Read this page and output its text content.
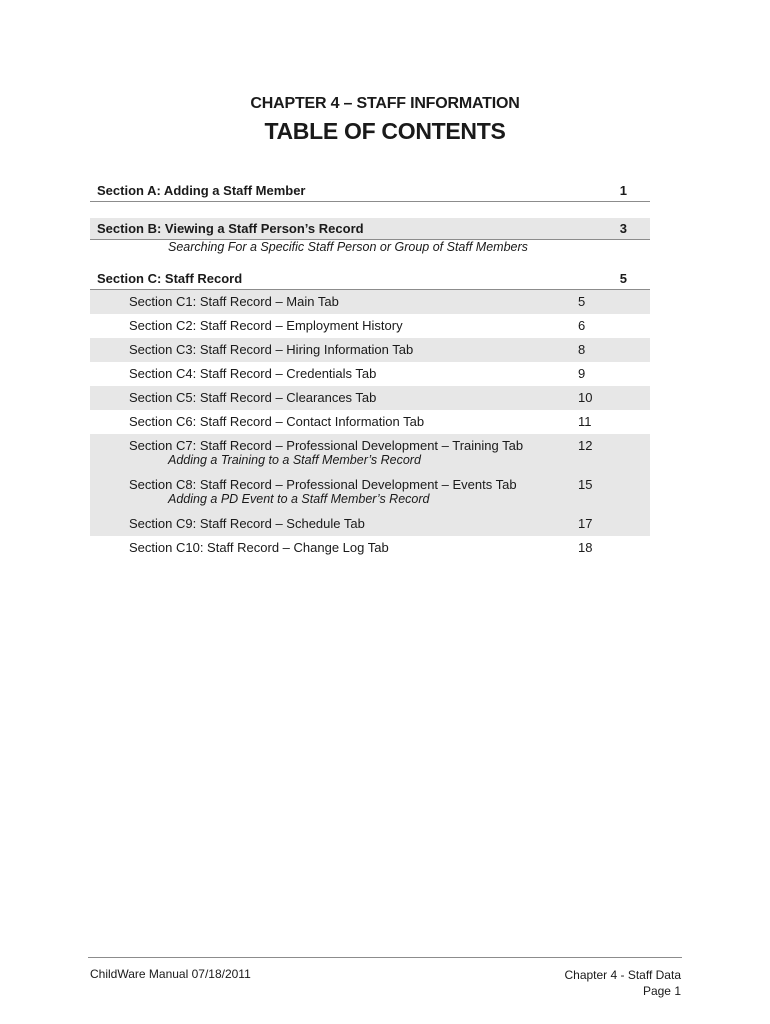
CHAPTER 4 – STAFF INFORMATION
TABLE OF CONTENTS
Section A: Adding a Staff Member	1
Section B: Viewing a Staff Person’s Record	3
Searching For a Specific Staff Person or Group of Staff Members
Section C: Staff Record	5
Section C1: Staff Record – Main Tab	5
Section C2: Staff Record – Employment History	6
Section C3: Staff Record – Hiring Information Tab	8
Section C4: Staff Record – Credentials Tab	9
Section C5: Staff Record – Clearances Tab	10
Section C6: Staff Record – Contact Information Tab	11
Section C7: Staff Record – Professional Development – Training Tab	12
Adding a Training to a Staff Member’s Record
Section C8: Staff Record – Professional Development – Events Tab	15
Adding a PD Event to a Staff Member’s Record
Section C9: Staff Record – Schedule Tab	17
Section C10: Staff Record – Change Log Tab	18
ChildWare Manual 07/18/2011	Chapter 4 - Staff Data
Page 1
